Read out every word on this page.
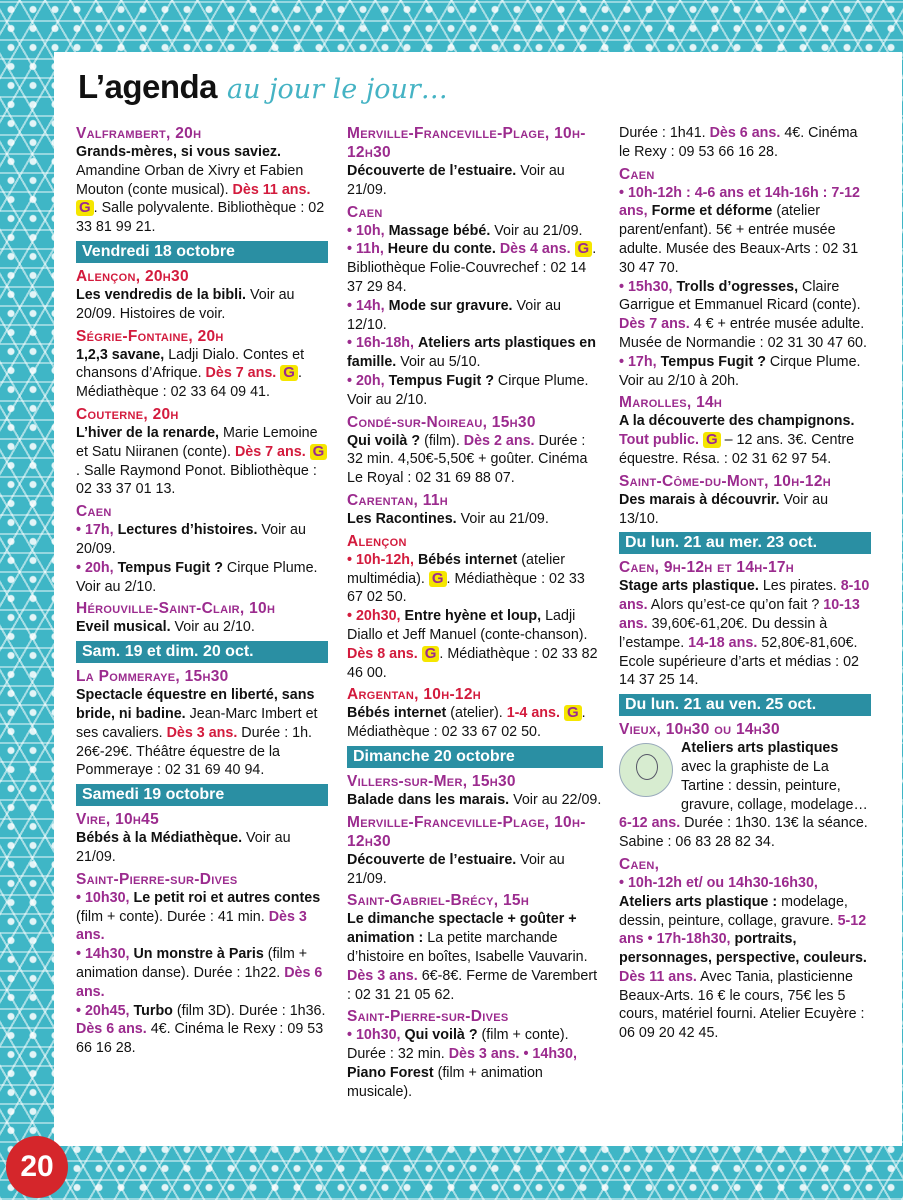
L’agenda au jour le jour…
Valframbert, 20h
Grands-mères, si vous saviez. Amandine Orban de Xivry et Fabien Mouton (conte musical). Dès 11 ans. G . Salle polyvalente. Bibliothèque : 02 33 81 99 21.
Vendredi 18 octobre
Alençon, 20h30
Les vendredis de la bibli. Voir au 20/09. Histoires de voir.
Ségrie-Fontaine, 20h
1,2,3 savane, Ladji Dialo. Contes et chansons d’Afrique. Dès 7 ans. G . Médiathèque : 02 33 64 09 41.
Couterne, 20h
L’hiver de la renarde, Marie Lemoine et Satu Niiranen (conte). Dès 7 ans. G. Salle Raymond Ponot. Bibliothèque : 02 33 37 01 13.
Caen
• 17h, Lectures d’histoires. Voir au 20/09.
• 20h, Tempus Fugit ? Cirque Plume. Voir au 2/10.
Hérouville-Saint-Clair, 10h
Eveil musical. Voir au 2/10.
Sam. 19 et dim. 20 oct.
La Pommeraye, 15h30
Spectacle équestre en liberté, sans bride, ni badine. Jean-Marc Imbert et ses cavaliers. Dès 3 ans. Durée : 1h. 26€-29€. Théâtre équestre de la Pommeraye : 02 31 69 40 94.
Samedi 19 octobre
Vire, 10h45
Bébés à la Médiathèque. Voir au 21/09.
Saint-Pierre-sur-Dives
• 10h30, Le petit roi et autres contes (film + conte). Durée : 41 min. Dès 3 ans.
• 14h30, Un monstre à Paris (film + animation danse). Durée : 1h22. Dès 6 ans.
• 20h45, Turbo (film 3D). Durée : 1h36. Dès 6 ans. 4€. Cinéma le Rexy : 09 53 66 16 28.
Merville-Franceville-Plage, 10h-12h30
Découverte de l’estuaire. Voir au 21/09.
Caen
• 10h, Massage bébé. Voir au 21/09.
• 11h, Heure du conte. Dès 4 ans. G . Bibliothèque Folie-Couvrechef : 02 14 37 29 84.
• 14h, Mode sur gravure. Voir au 12/10.
• 16h-18h, Ateliers arts plastiques en famille. Voir au 5/10.
• 20h, Tempus Fugit ? Cirque Plume. Voir au 2/10.
Condé-sur-Noireau, 15h30
Qui voilà ? (film). Dès 2 ans. Durée : 32 min. 4,50€-5,50€ + goûter. Cinéma Le Royal : 02 31 69 88 07.
Carentan, 11h
Les Racontines. Voir au 21/09.
Alençon
• 10h-12h, Bébés internet (atelier multimédia). G . Médiathèque : 02 33 67 02 50.
• 20h30, Entre hyène et loup, Ladji Diallo et Jeff Manuel (conte-chanson). Dès 8 ans. G . Médiathèque : 02 33 82 46 00.
Argentan, 10h-12h
Bébés internet (atelier). 1-4 ans. G . Médiathèque : 02 33 67 02 50.
Dimanche 20 octobre
Villers-sur-Mer, 15h30
Balade dans les marais. Voir au 22/09.
Merville-Franceville-Plage, 10h-12h30
Découverte de l’estuaire. Voir au 21/09.
Saint-Gabriel-Brécy, 15h
Le dimanche spectacle + goûter + animation : La petite marchande d’histoire en boîtes, Isabelle Vauvarin. Dès 3 ans. 6€-8€. Ferme de Varembert : 02 31 21 05 62.
Saint-Pierre-sur-Dives
• 10h30, Qui voilà ? (film + conte). Durée : 32 min. Dès 3 ans. • 14h30, Piano Forest (film + animation musicale).
Durée : 1h41. Dès 6 ans. 4€. Cinéma le Rexy : 09 53 66 16 28.
Caen
• 10h-12h : 4-6 ans et 14h-16h : 7-12 ans, Forme et déforme (atelier parent/enfant). 5€ + entrée musée adulte. Musée des Beaux-Arts : 02 31 30 47 70.
• 15h30, Trolls d’ogresses, Claire Garrigue et Emmanuel Ricard (conte). Dès 7 ans. 4 € + entrée musée adulte. Musée de Normandie : 02 31 30 47 60.
• 17h, Tempus Fugit ? Cirque Plume. Voir au 2/10 à 20h.
Marolles, 14h
A la découverte des champignons. Tout public. G – 12 ans. 3€. Centre équestre. Résa. : 02 31 62 97 54.
Saint-Côme-du-Mont, 10h-12h
Des marais à découvrir. Voir au 13/10.
Du lun. 21 au mer. 23 oct.
Caen, 9h-12h et 14h-17h
Stage arts plastique. Les pirates. 8-10 ans. Alors qu’est-ce qu’on fait ? 10-13 ans. 39,60€-61,20€. Du dessin à l’estampe. 14-18 ans. 52,80€-81,60€. Ecole supérieure d’arts et médias : 02 14 37 25 14.
Du lun. 21 au ven. 25 oct.
Vieux, 10h30 ou 14h30
Ateliers arts plastiques avec la graphiste de La Tartine : dessin, peinture, gravure, collage, modelage… 6-12 ans. Durée : 1h30. 13€ la séance. Sabine : 06 83 28 82 34.
Caen,
• 10h-12h et/ ou 14h30-16h30, Ateliers arts plastique : modelage, dessin, peinture, collage, gravure. 5-12 ans • 17h-18h30, portraits, personnages, perspective, couleurs. Dès 11 ans. Avec Tania, plasticienne Beaux-Arts. 16 € le cours, 75€ les 5 cours, matériel fourni. Atelier Ecuyère : 06 09 20 42 45.
20
